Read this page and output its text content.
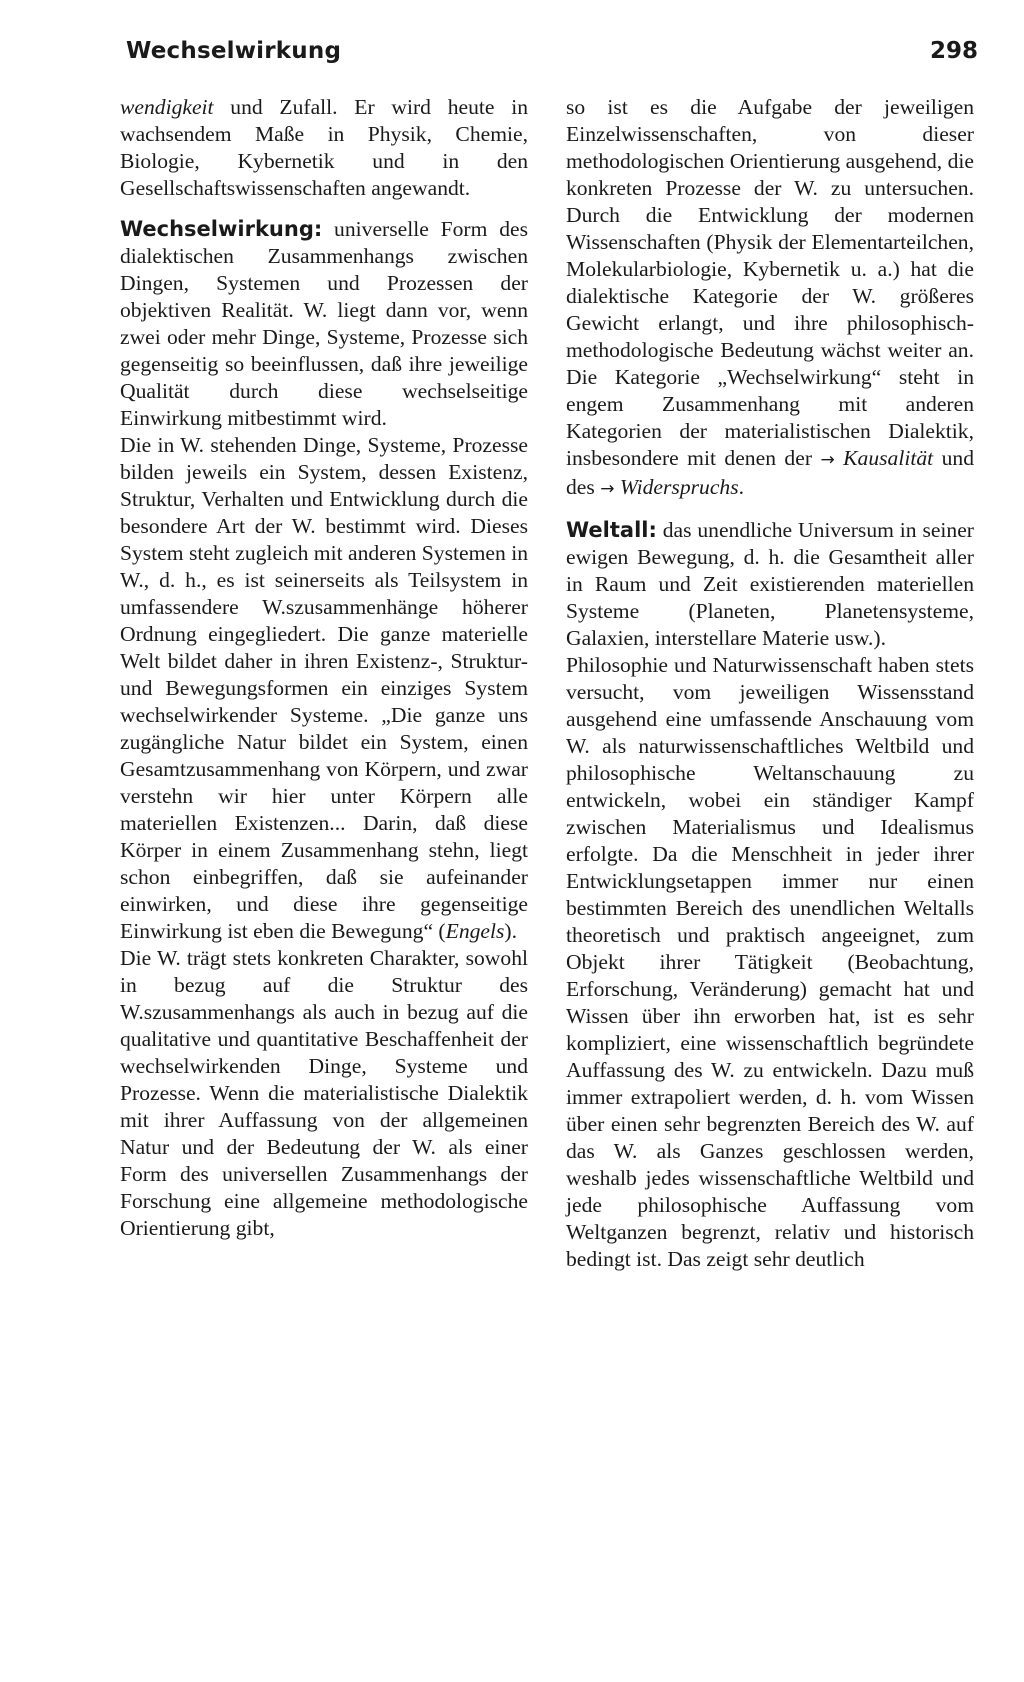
Wechselwirkung	298

wendigkeit und Zufall. Er wird heute in wachsendem Maße in Physik, Chemie, Biologie, Kybernetik und in den Gesellschaftswissenschaften angewandt.

Wechselwirkung: universelle Form des dialektischen Zusammenhangs zwischen Dingen, Systemen und Prozessen der objektiven Realität. W. liegt dann vor, wenn zwei oder mehr Dinge, Systeme, Prozesse sich gegenseitig so beeinflussen, daß ihre jeweilige Qualität durch diese wechselseitige Einwirkung mitbestimmt wird.

Die in W. stehenden Dinge, Systeme, Prozesse bilden jeweils ein System, dessen Existenz, Struktur, Verhalten und Entwicklung durch die besondere Art der W. bestimmt wird. Dieses System steht zugleich mit anderen Systemen in W., d. h., es ist seinerseits als Teilsystem in umfassendere W.szusammenhänge höherer Ordnung eingegliedert. Die ganze materielle Welt bildet daher in ihren Existenz-, Struktur- und Bewegungsformen ein einziges System wechselwirkender Systeme. „Die ganze uns zugängliche Natur bildet ein System, einen Gesamtzusammenhang von Körpern, und zwar verstehn wir hier unter Körpern alle materiellen Existenzen... Darin, daß diese Körper in einem Zusammenhang stehn, liegt schon einbegriffen, daß sie aufeinander einwirken, und diese ihre gegenseitige Einwirkung ist eben die Bewegung“ (Engels).

Die W. trägt stets konkreten Charakter, sowohl in bezug auf die Struktur des W.szusammenhangs als auch in bezug auf die qualitative und quantitative Beschaffenheit der wechselwirkenden Dinge, Systeme und Prozesse. Wenn die materialistische Dialektik mit ihrer Auffassung von der allgemeinen Natur und der Bedeutung der W. als einer Form des universellen Zusammenhangs der Forschung eine allgemeine methodologische Orientierung gibt,

so ist es die Aufgabe der jeweiligen Einzelwissenschaften, von dieser methodologischen Orientierung ausgehend, die konkreten Prozesse der W. zu untersuchen. Durch die Entwicklung der modernen Wissenschaften (Physik der Elementarteilchen, Molekularbiologie, Kybernetik u. a.) hat die dialektische Kategorie der W. größeres Gewicht erlangt, und ihre philosophisch-methodologische Bedeutung wächst weiter an. Die Kategorie „Wechselwirkung“ steht in engem Zusammenhang mit anderen Kategorien der materialistischen Dialektik, insbesondere mit denen der → Kausalität und des → Widerspruchs.

Weltall: das unendliche Universum in seiner ewigen Bewegung, d. h. die Gesamtheit aller in Raum und Zeit existierenden materiellen Systeme (Planeten, Planetensysteme, Galaxien, interstellare Materie usw.).

Philosophie und Naturwissenschaft haben stets versucht, vom jeweiligen Wissensstand ausgehend eine umfassende Anschauung vom W. als naturwissenschaftliches Weltbild und philosophische Weltanschauung zu entwickeln, wobei ein ständiger Kampf zwischen Materialismus und Idealismus erfolgte. Da die Menschheit in jeder ihrer Entwicklungsetappen immer nur einen bestimmten Bereich des unendlichen Weltalls theoretisch und praktisch angeeignet, zum Objekt ihrer Tätigkeit (Beobachtung, Erforschung, Veränderung) gemacht hat und Wissen über ihn erworben hat, ist es sehr kompliziert, eine wissenschaftlich begründete Auffassung des W. zu entwickeln. Dazu muß immer extrapoliert werden, d. h. vom Wissen über einen sehr begrenzten Bereich des W. auf das W. als Ganzes geschlossen werden, weshalb jedes wissenschaftliche Weltbild und jede philosophische Auffassung vom Weltganzen begrenzt, relativ und historisch bedingt ist. Das zeigt sehr deutlich
